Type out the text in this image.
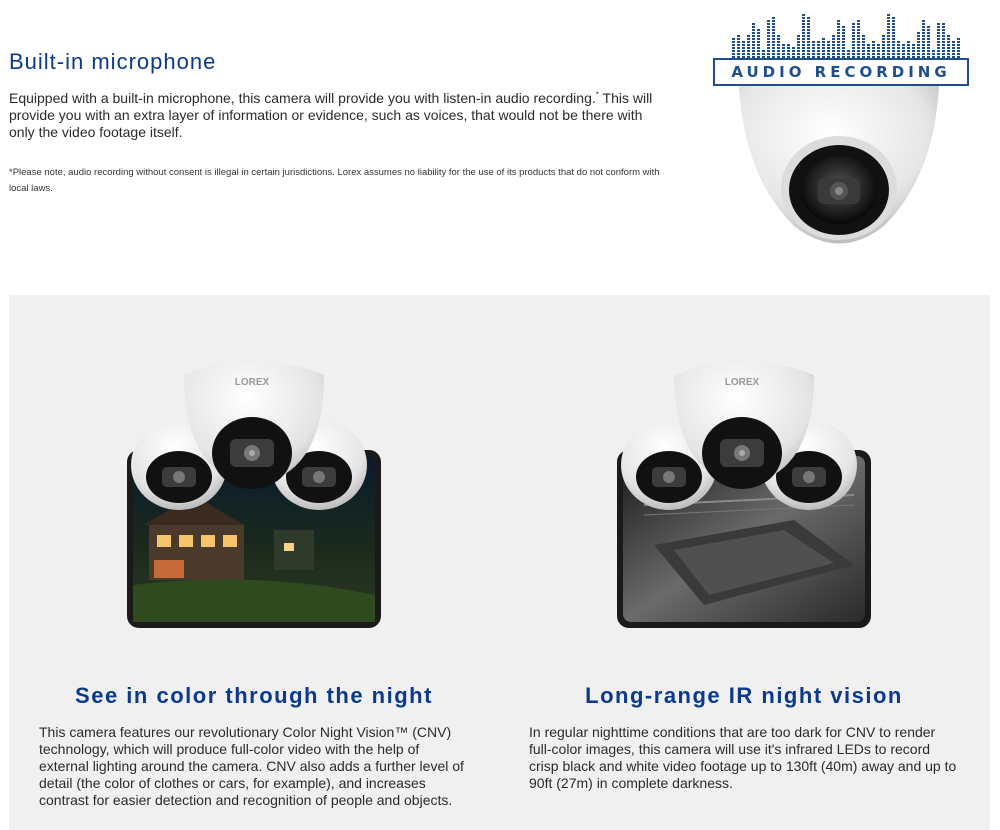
Built-in microphone

Equipped with a built-in microphone, this camera will provide you with listen-in audio recording.* This will provide you with an extra layer of information or evidence, such as voices, that would not be there with only the video footage itself.

*Please note, audio recording without consent is illegal in certain jurisdictions. Lorex assumes no liability for the use of its products that do not conform with local laws.

AUDIO RECORDING
LOREX
See in color through the night

This camera features our revolutionary Color Night Vision™ (CNV) technology, which will produce full-color video with the help of external lighting around the camera. CNV also adds a further level of detail (the color of clothes or cars, for example), and increases contrast for easier detection and recognition of people and objects.

LOREX
Long-range IR night vision

In regular nighttime conditions that are too dark for CNV to render full-color images, this camera will use it's infrared LEDs to record crisp black and white video footage up to 130ft (40m) away and up to 90ft (27m) in complete darkness.
